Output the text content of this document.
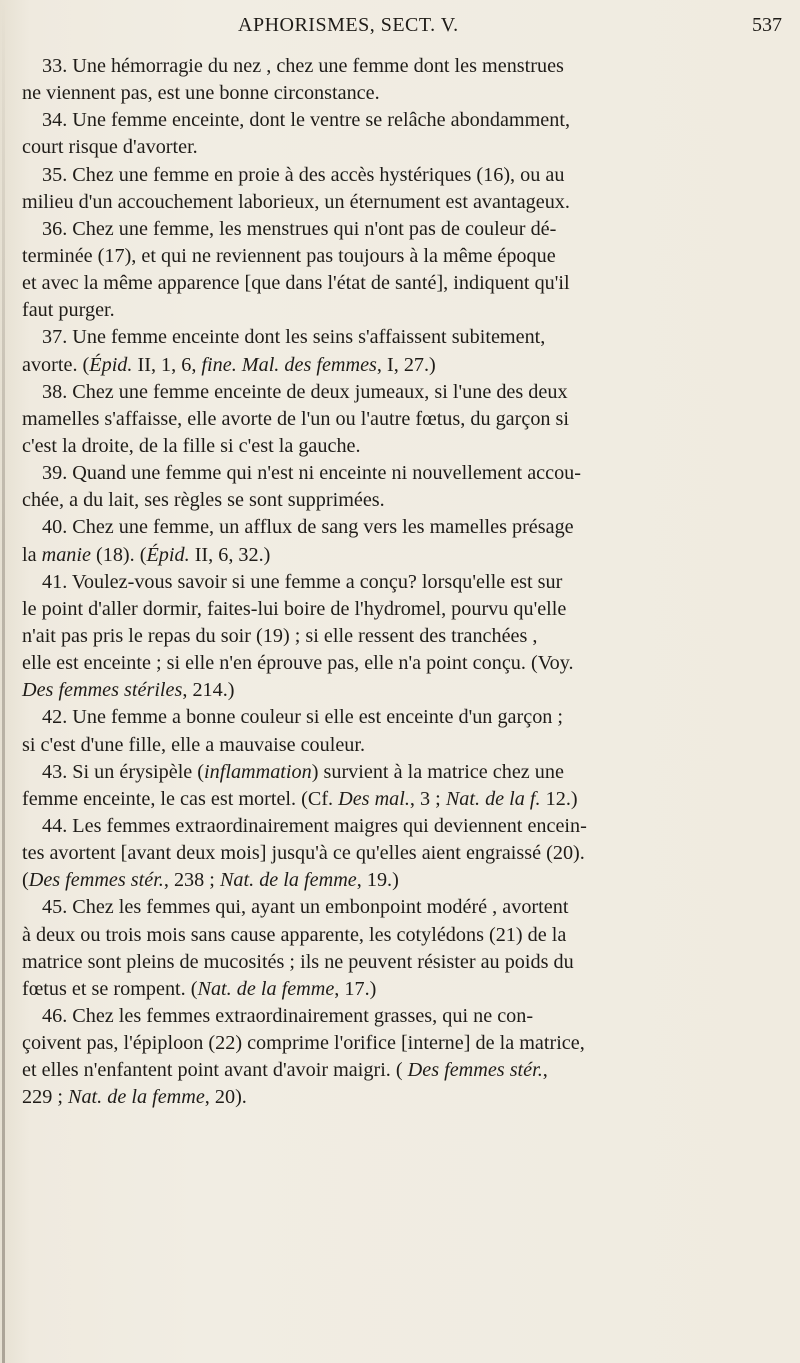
APHORISMES, SECT. V.	537
33. Une hémorragie du nez , chez une femme dont les menstrues
ne viennent pas, est une bonne circonstance.
34. Une femme enceinte, dont le ventre se relâche abondamment,
court risque d'avorter.
35. Chez une femme en proie à des accès hystériques (16), ou au
milieu d'un accouchement laborieux, un éternument est avantageux.
36. Chez une femme, les menstrues qui n'ont pas de couleur dé-
terminée (17), et qui ne reviennent pas toujours à la même époque
et avec la même apparence [que dans l'état de santé], indiquent qu'il
faut purger.
37. Une femme enceinte dont les seins s'affaissent subitement,
avorte. (Épid. II, 1, 6, fine. Mal. des femmes, I, 27.)
38. Chez une femme enceinte de deux jumeaux, si l'une des deux
mamelles s'affaisse, elle avorte de l'un ou l'autre fœtus, du garçon si
c'est la droite, de la fille si c'est la gauche.
39. Quand une femme qui n'est ni enceinte ni nouvellement accou-
chée, a du lait, ses règles se sont supprimées.
40. Chez une femme, un afflux de sang vers les mamelles présage
la manie (18). (Épid. II, 6, 32.)
41. Voulez-vous savoir si une femme a conçu? lorsqu'elle est sur
le point d'aller dormir, faites-lui boire de l'hydromel, pourvu qu'elle
n'ait pas pris le repas du soir (19) ; si elle ressent des tranchées ,
elle est enceinte ; si elle n'en éprouve pas, elle n'a point conçu. (Voy.
Des femmes stériles, 214.)
42. Une femme a bonne couleur si elle est enceinte d'un garçon ;
si c'est d'une fille, elle a mauvaise couleur.
43. Si un érysipèle (inflammation) survient à la matrice chez une
femme enceinte, le cas est mortel. (Cf. Des mal., 3 ; Nat. de la f. 12.)
44. Les femmes extraordinairement maigres qui deviennent encein-
tes avortent [avant deux mois] jusqu'à ce qu'elles aient engraissé (20).
(Des femmes stér., 238 ; Nat. de la femme, 19.)
45. Chez les femmes qui, ayant un embonpoint modéré , avortent
à deux ou trois mois sans cause apparente, les cotylédons (21) de la
matrice sont pleins de mucosités ; ils ne peuvent résister au poids du
fœtus et se rompent. (Nat. de la femme, 17.)
46. Chez les femmes extraordinairement grasses, qui ne con-
çoivent pas, l'épiploon (22) comprime l'orifice [interne] de la matrice,
et elles n'enfantent point avant d'avoir maigri. ( Des femmes stér.,
229 ; Nat. de la femme, 20).
